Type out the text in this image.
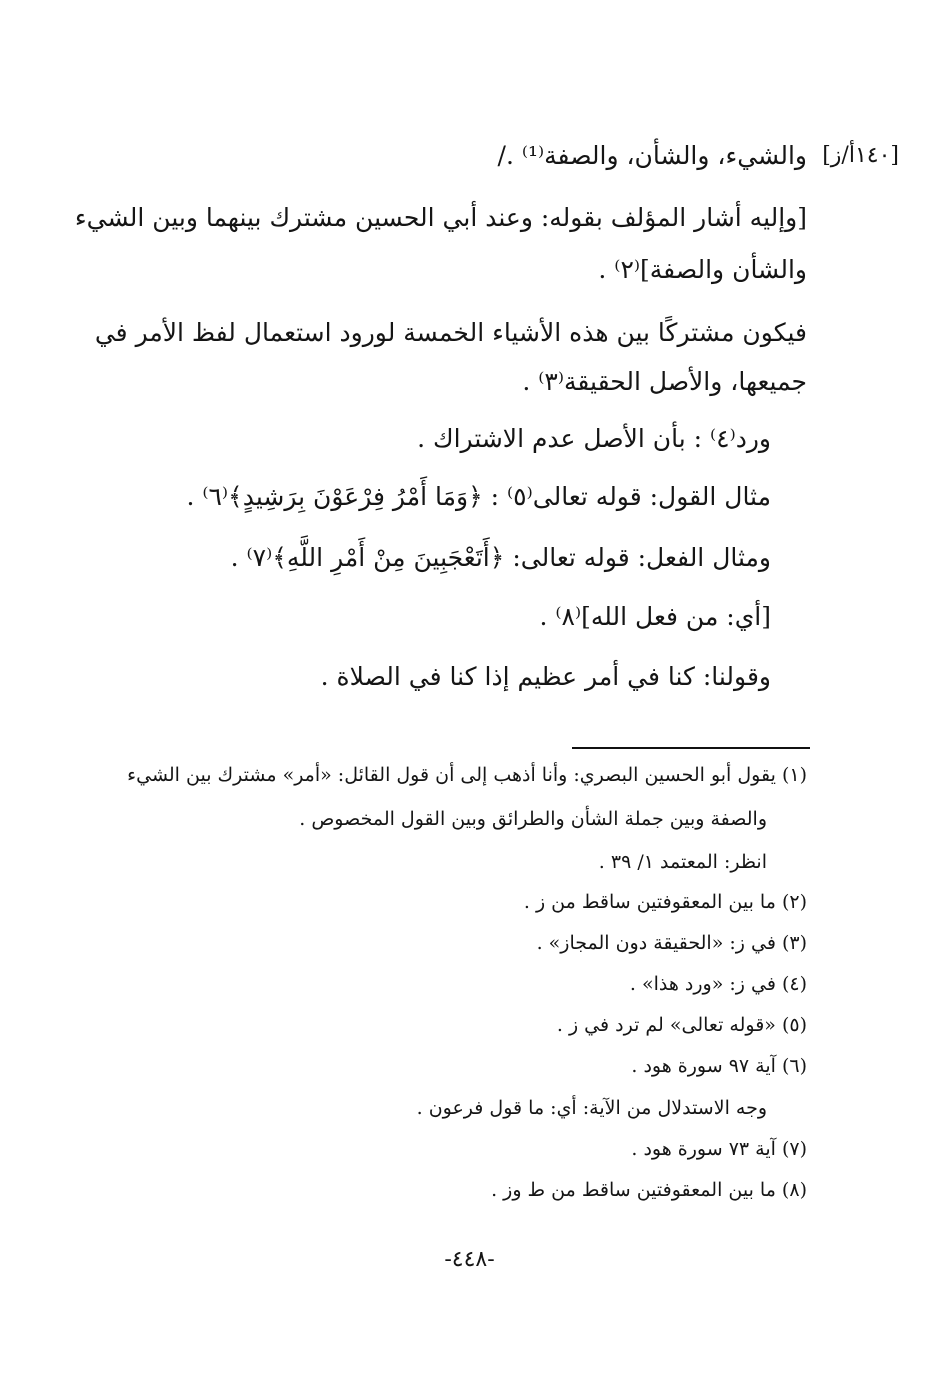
[١٤٠أ/ز]
والشيء، والشأن، والصفة⁽¹⁾ ./
[وإليه أشار المؤلف بقوله: وعند أبي الحسين مشترك بينهما وبين الشيء
والشأن والصفة]⁽٢⁾ .
فيكون مشتركًا بين هذه الأشياء الخمسة لورود استعمال لفظ الأمر في
جميعها، والأصل الحقيقة⁽٣⁾ .
ورد⁽٤⁾ : بأن الأصل عدم الاشتراك .
مثال القول: قوله تعالى⁽٥⁾ : ﴿وَمَا أَمْرُ فِرْعَوْنَ بِرَشِيدٍ﴾⁽٦⁾ .
ومثال الفعل: قوله تعالى: ﴿أَتَعْجَبِينَ مِنْ أَمْرِ اللَّهِ﴾⁽٧⁾ .
[أي: من فعل الله]⁽٨⁾ .
وقولنا: كنا في أمر عظيم إذا كنا في الصلاة .
(١) يقول أبو الحسين البصري: وأنا أذهب إلى أن قول القائل: «أمر» مشترك بين الشيء
والصفة وبين جملة الشأن والطرائق وبين القول المخصوص .
انظر: المعتمد ١/ ٣٩ .
(٢) ما بين المعقوفتين ساقط من ز .
(٣) في ز: «الحقيقة دون المجاز» .
(٤) في ز: «ورد هذا» .
(٥) «قوله تعالى» لم ترد في ز .
(٦) آية ٩٧ سورة هود .
وجه الاستدلال من الآية: أي: ما قول فرعون .
(٧) آية ٧٣ سورة هود .
(٨) ما بين المعقوفتين ساقط من ط وز .
-٤٤٨-
